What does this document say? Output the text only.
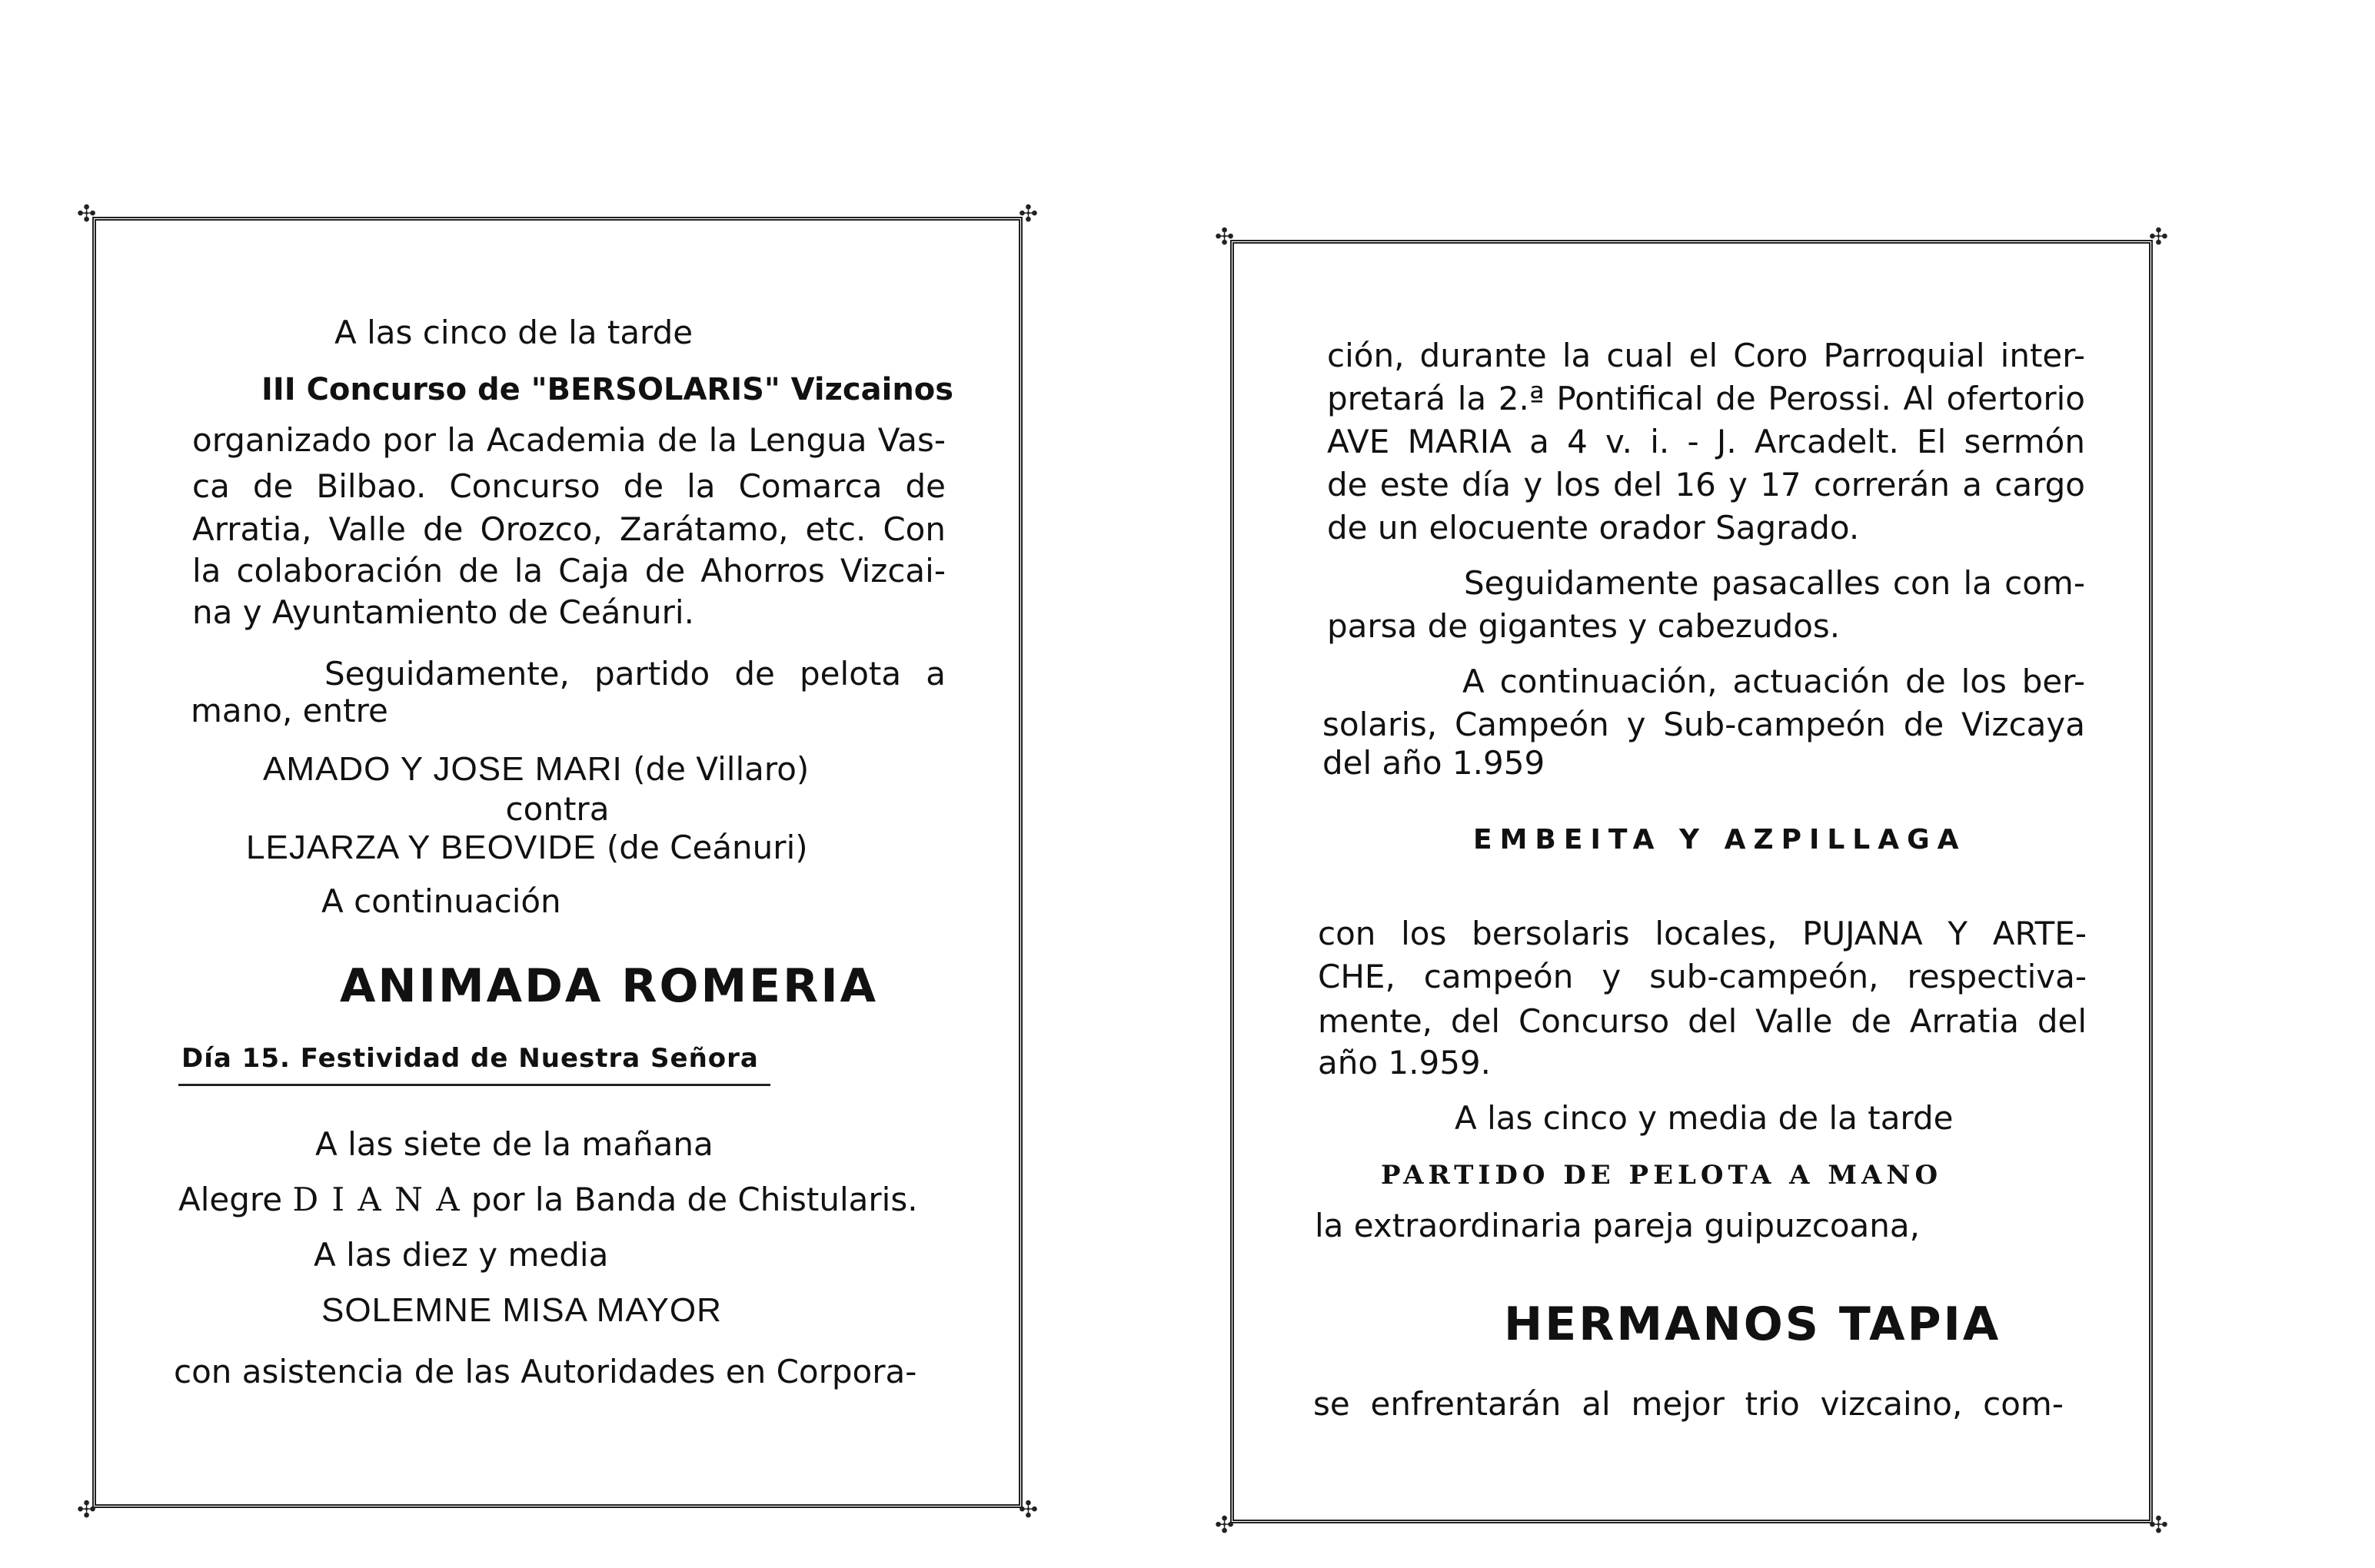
✣	✣
✣	✣

A las cinco de la tarde

III Concurso de "BERSOLARIS" Vizcainos

organizado por la Academia de la Lengua Vas-

ca de Bilbao. Concurso de la Comarca de

Arratia, Valle de Orozco, Zarátamo, etc. Con

la colaboración de la Caja de Ahorros Vizcai-

na y Ayuntamiento de Ceánuri.

Seguidamente, partido de pelota a

mano, entre

AMADO Y JOSE MARI (de Villaro)

contra

LEJARZA Y BEOVIDE (de Ceánuri)

A continuación

ANIMADA ROMERIA

Día 15. Festividad de Nuestra Señora

A las siete de la mañana

Alegre D I A N A por la Banda de Chistularis.

A las diez y media

SOLEMNE MISA MAYOR

con asistencia de las Autoridades en Corpora-

✣	✣
✣	✣

ción, durante la cual el Coro Parroquial inter-

pretará la 2.ª Pontifical de Perossi. Al ofertorio

AVE MARIA a 4 v. i. - J. Arcadelt. El sermón

de este día y los del 16 y 17 correrán a cargo

de un elocuente orador Sagrado.

Seguidamente pasacalles con la com-

parsa de gigantes y cabezudos.

A continuación, actuación de los ber-

solaris, Campeón y Sub-campeón de Vizcaya

del año 1.959

EMBEITA Y AZPILLAGA

con los bersolaris locales, PUJANA Y ARTE-

CHE, campeón y sub-campeón, respectiva-

mente, del Concurso del Valle de Arratia del

año 1.959.

A las cinco y media de la tarde

PARTIDO DE PELOTA A MANO

la extraordinaria pareja guipuzcoana,

HERMANOS TAPIA

se enfrentarán al mejor trio vizcaino, com-
